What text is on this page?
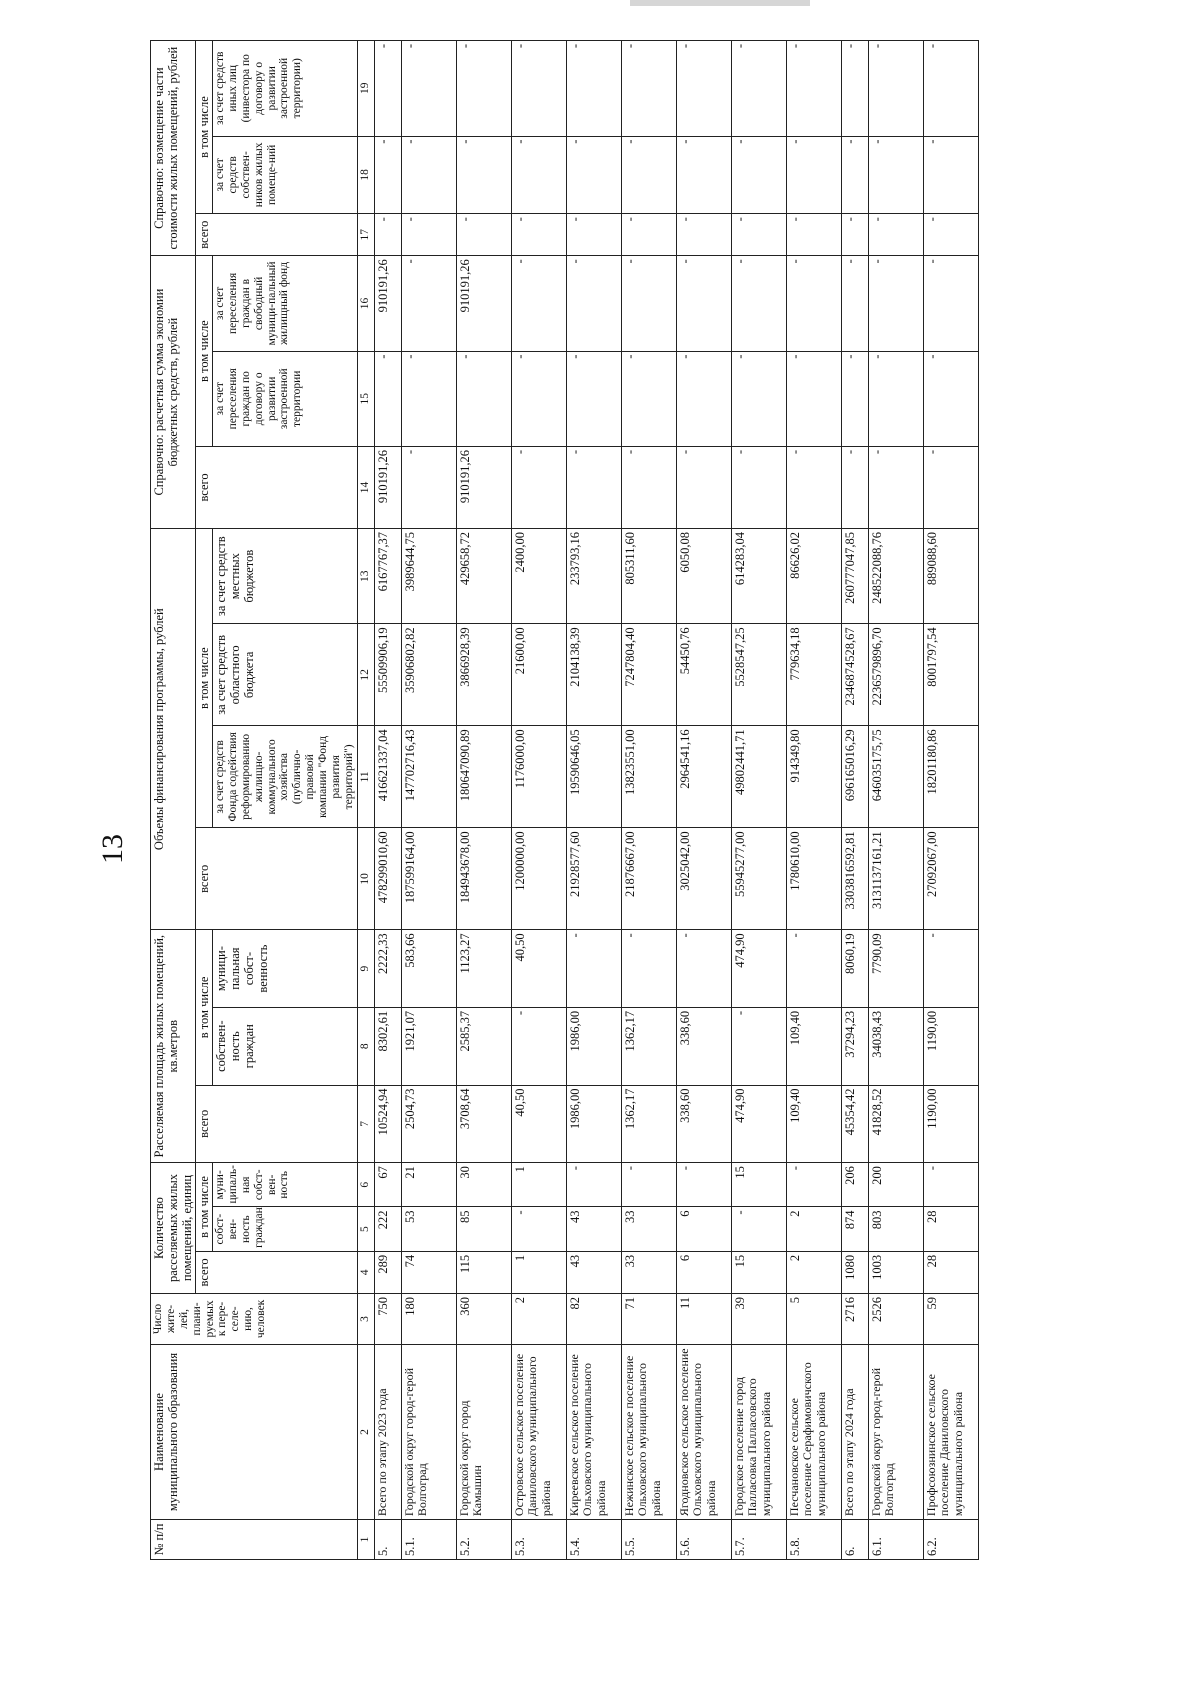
13
№ п/п	Наименование муниципального образования	Число жите-лей, плани-руемых к пере-селе-нию, человек	Количество расселяемых жилых помещений, единиц			Расселяемая площадь жилых помещений, кв.метров			Объемы финансирования программы, рублей				Справочно: расчетная сумма экономии бюджетных средств, рублей			Справочно: возмещение части стоимости жилых помещений, рублей		
			всего	в том числе		всего	в том числе		всего	в том числе			всего	в том числе		всего	в том числе	
				собст-вен-ность граждан	муни-ципаль-ная собст-вен-ность		собствен-ность граждан	муници-пальная собст-венность		за счет средств Фонда содействия реформированию жилищно-коммунального хозяйства (публично-правовой компании "Фонд развития территорий")	за счет средств областного бюджета	за счет средств местных бюджетов		за счет переселения граждан по договору о развитии застроенной территории	за счет переселения граждан в свободный муници-пальный жилищный фонд		за счет средств собствен-ников жилых помеще-ний	за счет средств иных лиц (инвестора по договору о развитии застроенной территории)
1	2	3	4	5	6	7	8	9	10	11	12	13	14	15	16	17	18	19
5.	Всего по этапу 2023 года	750	289	222	67	10524,94	8302,61	2222,33	478299010,60	416621337,04	55509906,19	6167767,37	910191,26	-	910191,26	-	-	-
5.1.	Городской округ город-герой Волгоград	180	74	53	21	2504,73	1921,07	583,66	187599164,00	147702716,43	35906802,82	3989644,75	-	-	-	-	-	-
5.2.	Городской округ город Камышин	360	115	85	30	3708,64	2585,37	1123,27	184943678,00	180647090,89	3866928,39	429658,72	910191,26	-	910191,26	-	-	-
5.3.	Островское сельское поселение Даниловского муниципального района	2	1	-	1	40,50	-	40,50	1200000,00	1176000,00	21600,00	2400,00	-	-	-	-	-	-
5.4.	Киреевское сельское поселение Ольховского муниципального района	82	43	43	-	1986,00	1986,00	-	21928577,60	19590646,05	2104138,39	233793,16	-	-	-	-	-	-
5.5.	Нежинское сельское поселение Ольховского муниципального района	71	33	33	-	1362,17	1362,17	-	21876667,00	13823551,00	7247804,40	805311,60	-	-	-	-	-	-
5.6.	Ягодновское сельское поселение Ольховского муниципального района	11	6	6	-	338,60	338,60	-	3025042,00	2964541,16	54450,76	6050,08	-	-	-	-	-	-
5.7.	Городское поселение город Палласовка Палласовского муниципального района	39	15	-	15	474,90	-	474,90	55945277,00	49802441,71	5528547,25	614283,04	-	-	-	-	-	-
5.8.	Песчановское сельское поселение Серафимовичского муниципального района	5	2	2	-	109,40	109,40	-	1780610,00	914349,80	779634,18	86626,02	-	-	-	-	-	-
6.	Всего по этапу 2024 года	2716	1080	874	206	45354,42	37294,23	8060,19	3303816592,81	696165016,29	2346874528,67	260777047,85	-	-	-	-	-	-
6.1.	Городской округ город-герой Волгоград	2526	1003	803	200	41828,52	34038,43	7790,09	3131137161,21	646035175,75	2236579896,70	248522088,76	-	-	-	-	-	-
6.2.	Профсоюзнинское сельское поселение Даниловского муниципального района	59	28	28	-	1190,00	1190,00	-	27092067,00	18201180,86	8001797,54	889088,60	-	-	-	-	-	-
